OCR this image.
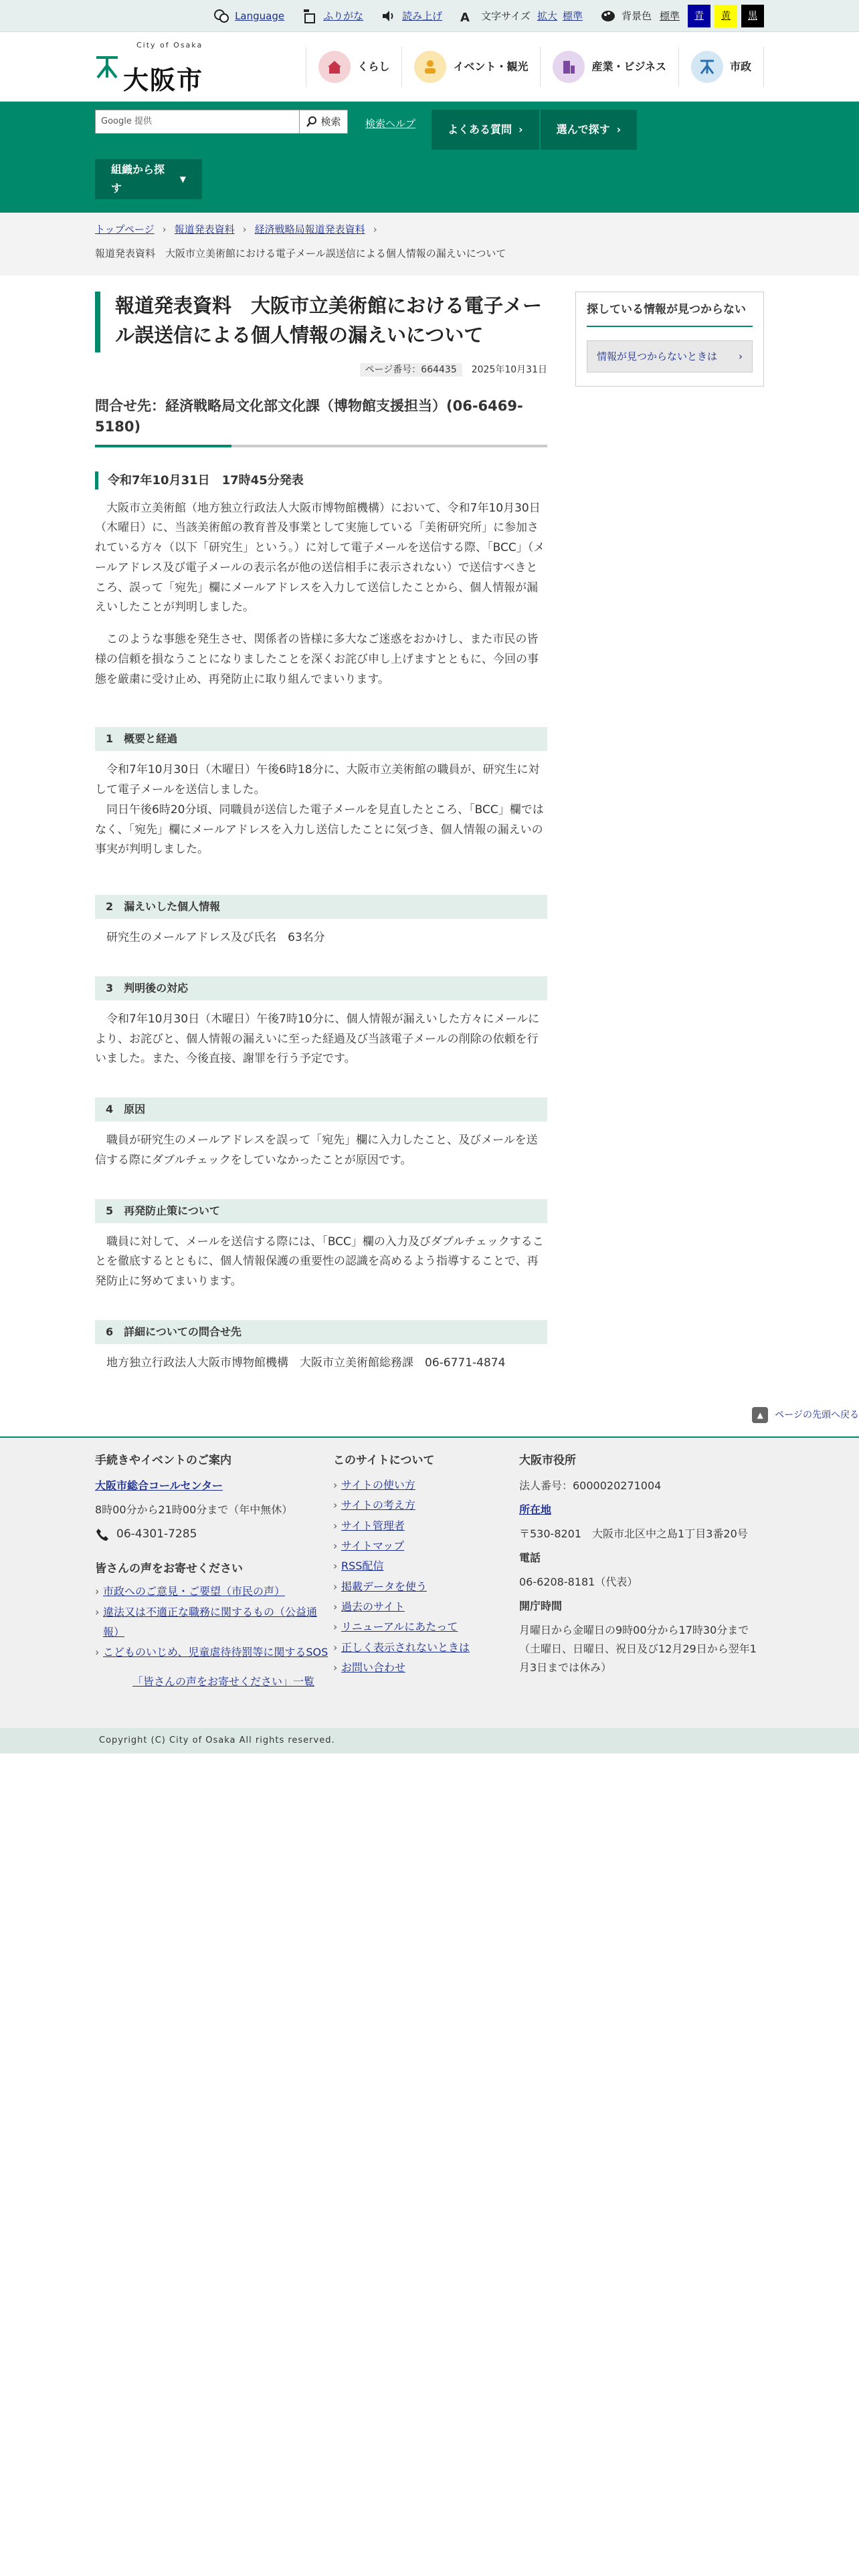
Language	ふりがな	読み上げ A 文字サイズ 拡大 標準	背景色 標準	青	黄	黒
City of Osaka
大阪市	くらし	イベント・観光	産業・ビジネス	市政
Google 提供	検索 検索ヘルプ	よくある質問 ›	選んで探す ›
組織から探す
▼
トップページ › 報道発表資料 › 経済戦略局報道発表資料 ›
報道発表資料　大阪市立美術館における電子メール誤送信による個人情報の漏えいについて
報道発表資料　大阪市立美術館における電子メール誤送信による個人情報の漏えいについて
ページ番号：664435 2025年10月31日
問合せ先：経済戦略局文化部文化課（博物館支援担当）(06-6469-5180)
令和7年10月31日　17時45分発表

大阪市立美術館（地方独立行政法人大阪市博物館機構）において、令和7年10月30日（木曜日）に、当該美術館の教育普及事業として実施している「美術研究所」に参加されている方々（以下「研究生」という。）に対して電子メールを送信する際、「BCC」（メールアドレス及び電子メールの表示名が他の送信相手に表示されない）で送信すべきところ、誤って「宛先」欄にメールアドレスを入力して送信したことから、個人情報が漏えいしたことが判明しました。

このような事態を発生させ、関係者の皆様に多大なご迷惑をおかけし、また市民の皆様の信頼を損なうことになりましたことを深くお詫び申し上げますとともに、今回の事態を厳粛に受け止め、再発防止に取り組んでまいります。

1　概要と経過

令和7年10月30日（木曜日）午後6時18分に、大阪市立美術館の職員が、研究生に対して電子メールを送信しました。

同日午後6時20分頃、同職員が送信した電子メールを見直したところ、「BCC」欄ではなく、「宛先」欄にメールアドレスを入力し送信したことに気づき、個人情報の漏えいの事実が判明しました。

2　漏えいした個人情報

研究生のメールアドレス及び氏名　63名分

3　判明後の対応

令和7年10月30日（木曜日）午後7時10分に、個人情報が漏えいした方々にメールにより、お詫びと、個人情報の漏えいに至った経過及び当該電子メールの削除の依頼を行いました。また、今後直接、謝罪を行う予定です。

4　原因

職員が研究生のメールアドレスを誤って「宛先」欄に入力したこと、及びメールを送信する際にダブルチェックをしていなかったことが原因です。

5　再発防止策について

職員に対して、メールを送信する際には、「BCC」欄の入力及びダブルチェックすることを徹底するとともに、個人情報保護の重要性の認識を高めるよう指導することで、再発防止に努めてまいります。

6　詳細についての問合せ先

地方独立行政法人大阪市博物館機構　大阪市立美術館総務課　06-6771-4874

探している情報が見つからない
情報が見つからないときは ›
▲ ページの先頭へ戻る
手続きやイベントのご案内
大阪市総合コールセンター
8時00分から21時00分まで（年中無休）
06-4301-7285
皆さんの声をお寄せください
› 市政へのご意見・ご要望（市民の声）
› 違法又は不適正な職務に関するもの（公益通報）
› こどものいじめ、児童虐待待罰等に関するSOS
「皆さんの声をお寄せください」一覧
このサイトについて
› サイトの使い方
› サイトの考え方
› サイト管理者
› サイトマップ
› RSS配信
› 掲載データを使う
› 過去のサイト
› リニューアルにあたって
› 正しく表示されないときは
› お問い合わせ
大阪市役所
法人番号：6000020271004
所在地
〒530-8201　大阪市北区中之島1丁目3番20号
電話
06-6208-8181（代表）
開庁時間
月曜日から金曜日の9時00分から17時30分まで
（土曜日、日曜日、祝日及び12月29日から翌年1月3日までは休み）
Copyright (C) City of Osaka All rights reserved.
